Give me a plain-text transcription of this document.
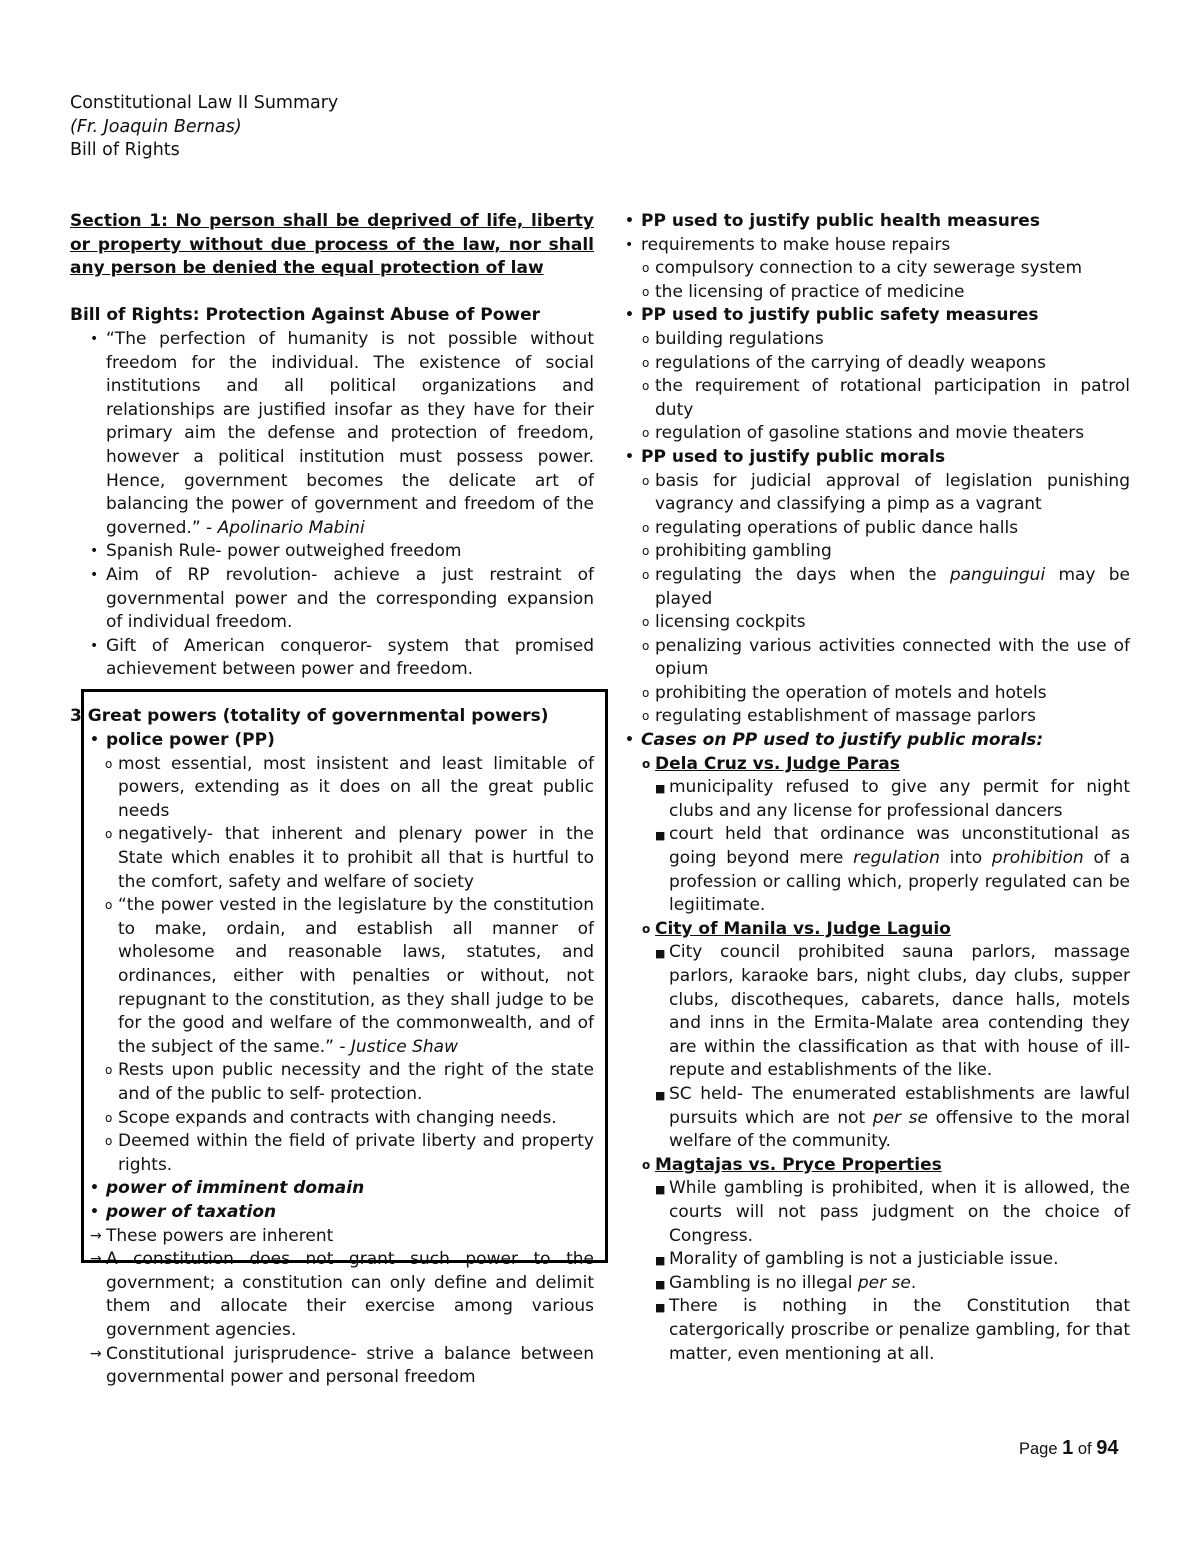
Constitutional Law II Summary
(Fr. Joaquin Bernas)
Bill of Rights
Section 1: No person shall be deprived of life, liberty or property without due process of the law, nor shall any person be denied the equal protection of law
Bill of Rights: Protection Against Abuse of Power
• “The perfection of humanity is not possible without freedom for the individual. The existence of social institutions and all political organizations and relationships are justified insofar as they have for their primary aim the defense and protection of freedom, however a political institution must possess power. Hence, government becomes the delicate art of balancing the power of government and freedom of the governed.” - Apolinario Mabini
• Spanish Rule- power outweighed freedom
• Aim of RP revolution- achieve a just restraint of governmental power and the corresponding expansion of individual freedom.
• Gift of American conqueror- system that promised achievement between power and freedom.
3 Great powers (totality of governmental powers)
• police power (PP)
o most essential, most insistent and least limitable of powers, extending as it does on all the great public needs
o negatively- that inherent and plenary power in the State which enables it to prohibit all that is hurtful to the comfort, safety and welfare of society
o “the power vested in the legislature by the constitution to make, ordain, and establish all manner of wholesome and reasonable laws, statutes, and ordinances, either with penalties or without, not repugnant to the constitution, as they shall judge to be for the good and welfare of the commonwealth, and of the subject of the same.” - Justice Shaw
o Rests upon public necessity and the right of the state and of the public to self- protection.
o Scope expands and contracts with changing needs.
o Deemed within the field of private liberty and property rights.
• power of imminent domain
• power of taxation
→ These powers are inherent
→ A constitution does not grant such power to the government; a constitution can only define and delimit them and allocate their exercise among various government agencies.
→ Constitutional jurisprudence- strive a balance between governmental power and personal freedom
• PP used to justify public health measures
• requirements to make house repairs
o compulsory connection to a city sewerage system
o the licensing of practice of medicine
• PP used to justify public safety measures
o building regulations
o regulations of the carrying of deadly weapons
o the requirement of rotational participation in patrol duty
o regulation of gasoline stations and movie theaters
• PP used to justify public morals
o basis for judicial approval of legislation punishing vagrancy and classifying a pimp as a vagrant
o regulating operations of public dance halls
o prohibiting gambling
o regulating the days when the panguingui may be played
o licensing cockpits
o penalizing various activities connected with the use of opium
o prohibiting the operation of motels and hotels
o regulating establishment of massage parlors
• Cases on PP used to justify public morals:
o Dela Cruz vs. Judge Paras
■ municipality refused to give any permit for night clubs and any license for professional dancers
■ court held that ordinance was unconstitutional as going beyond mere regulation into prohibition of a profession or calling which, properly regulated can be legiitimate.
o City of Manila vs. Judge Laguio
■ City council prohibited sauna parlors, massage parlors, karaoke bars, night clubs, day clubs, supper clubs, discotheques, cabarets, dance halls, motels and inns in the Ermita-Malate area contending they are within the classification as that with house of ill-repute and establishments of the like.
■ SC held- The enumerated establishments are lawful pursuits which are not per se offensive to the moral welfare of the community.
o Magtajas vs. Pryce Properties
■ While gambling is prohibited, when it is allowed, the courts will not pass judgment on the choice of Congress.
■ Morality of gambling is not a justiciable issue.
■ Gambling is no illegal per se.
■ There is nothing in the Constitution that catergorically proscribe or penalize gambling, for that matter, even mentioning at all.
Page 1 of 94
